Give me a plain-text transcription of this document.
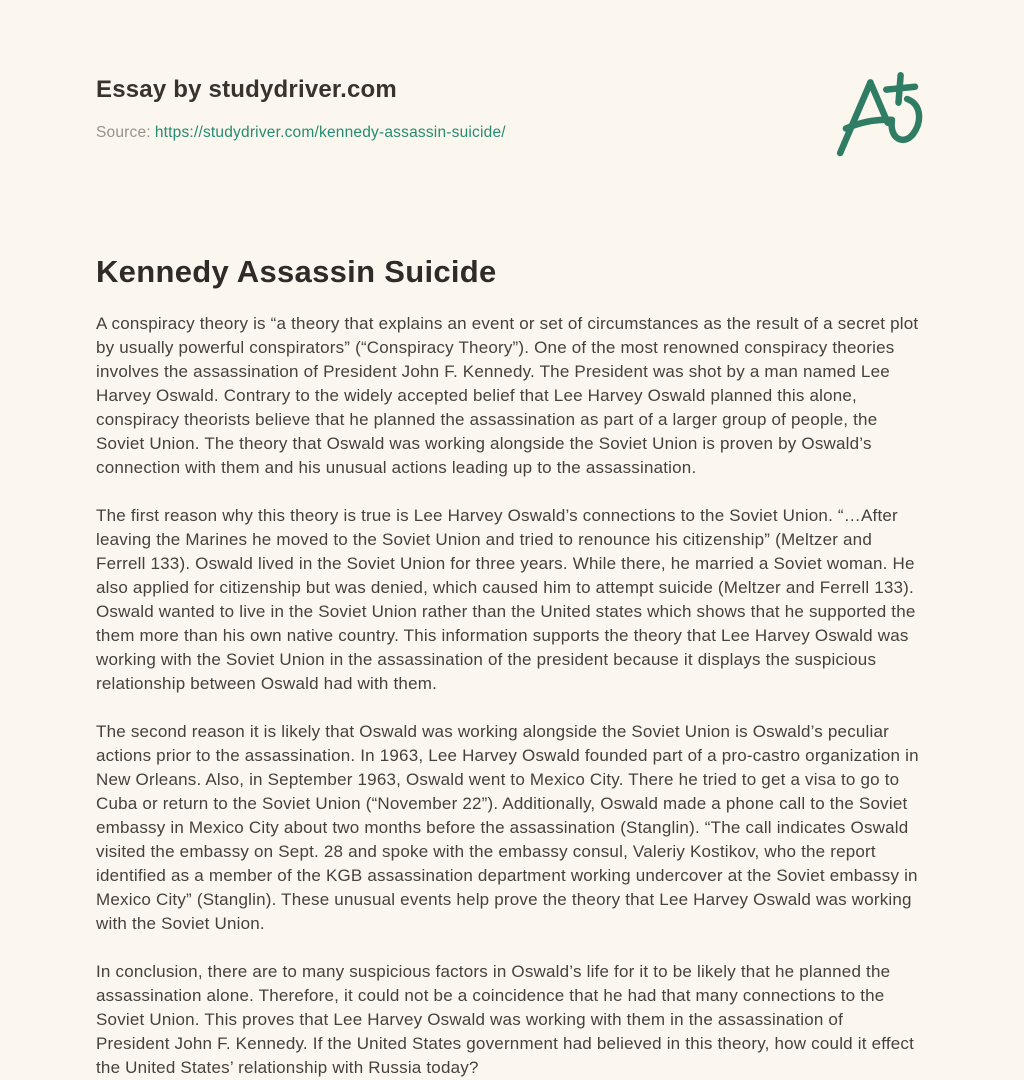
Essay by studydriver.com
Source: https://studydriver.com/kennedy-assassin-suicide/
Kennedy Assassin Suicide

A conspiracy theory is “a theory that explains an event or set of circumstances as the result of a secret plot by usually powerful conspirators” (“Conspiracy Theory”). One of the most renowned conspiracy theories involves the assassination of President John F. Kennedy. The President was shot by a man named Lee Harvey Oswald. Contrary to the widely accepted belief that Lee Harvey Oswald planned this alone, conspiracy theorists believe that he planned the assassination as part of a larger group of people, the Soviet Union. The theory that Oswald was working alongside the Soviet Union is proven by Oswald’s connection with them and his unusual actions leading up to the assassination.

The first reason why this theory is true is Lee Harvey Oswald’s connections to the Soviet Union. “…After leaving the Marines he moved to the Soviet Union and tried to renounce his citizenship” (Meltzer and Ferrell 133). Oswald lived in the Soviet Union for three years. While there, he married a Soviet woman. He also applied for citizenship but was denied, which caused him to attempt suicide (Meltzer and Ferrell 133). Oswald wanted to live in the Soviet Union rather than the United states which shows that he supported the them more than his own native country. This information supports the theory that Lee Harvey Oswald was working with the Soviet Union in the assassination of the president because it displays the suspicious relationship between Oswald had with them.

The second reason it is likely that Oswald was working alongside the Soviet Union is Oswald’s peculiar actions prior to the assassination. In 1963, Lee Harvey Oswald founded part of a pro-castro organization in New Orleans. Also, in September 1963, Oswald went to Mexico City. There he tried to get a visa to go to Cuba or return to the Soviet Union (“November 22”). Additionally, Oswald made a phone call to the Soviet embassy in Mexico City about two months before the assassination (Stanglin). “The call indicates Oswald visited the embassy on Sept. 28 and spoke with the embassy consul, Valeriy Kostikov, who the report identified as a member of the KGB assassination department working undercover at the Soviet embassy in Mexico City” (Stanglin). These unusual events help prove the theory that Lee Harvey Oswald was working with the Soviet Union.

In conclusion, there are to many suspicious factors in Oswald’s life for it to be likely that he planned the assassination alone. Therefore, it could not be a coincidence that he had that many connections to the Soviet Union. This proves that Lee Harvey Oswald was working with them in the assassination of President John F. Kennedy. If the United States government had believed in this theory, how could it effect the United States’ relationship with Russia today?
